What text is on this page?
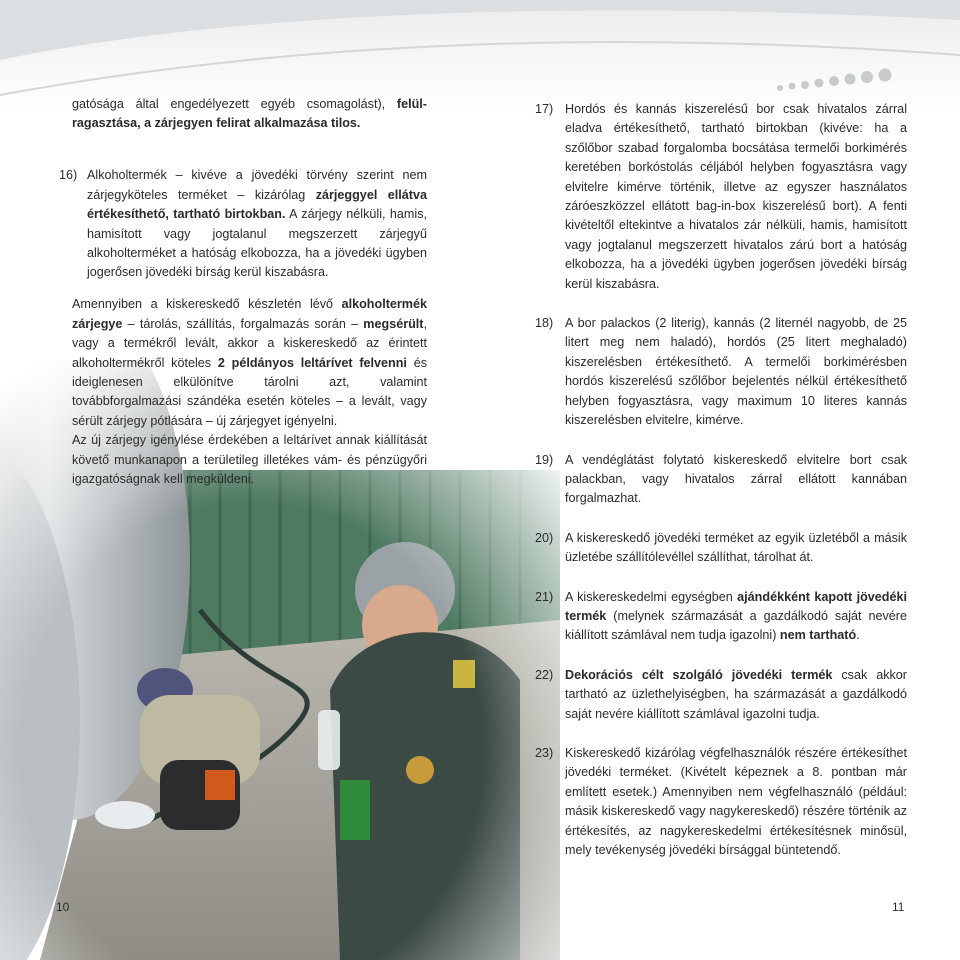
gatósága által engedélyezett egyéb csomagolást), felülragasztása, a zárjegyen felirat alkalmazása tilos.

16) Alkoholtermék – kivéve a jövedéki törvény szerint nem zárjegyköteles terméket – kizárólag zárjeggyel ellátva értékesíthető, tartható birtokban. A zárjegy nélküli, hamis, hamisított vagy jogtalanul megszerzett zárjegyű alkoholterméket a hatóság elkobozza, ha a jövedéki ügyben jogerősen jövedéki bírság kerül kiszabásra.

Amennyiben a kiskereskedő készletén lévő alkoholtermék zárjegye – tárolás, szállítás, forgalmazás során – megsérült, vagy a termékről levált, akkor a kiskereskedő az érintett alkoholtermékről köteles 2 példányos leltárívet felvenni és ideiglenesen elkülönítve tárolni azt, valamint továbbforgalmazási szándéka esetén köteles – a levált, vagy sérült zárjegy pótlására – új zárjegyet igényelni.

Az új zárjegy igénylése érdekében a leltárívet annak kiállítását követő munkanapon a területileg illetékes vám- és pénzügyőri igazgatóságnak kell megküldeni.

17) Hordós és kannás kiszerelésű bor csak hivatalos zárral eladva értékesíthető, tartható birtokban (kivéve: ha a szőlőbor szabad forgalomba bocsátása termelői borkimérés keretében borkóstolás céljából helyben fogyasztásra vagy elvitelre kimérve történik, illetve az egyszer használatos záróeszközzel ellátott bag-in-box kiszerelésű bort). A fenti kivételtől eltekintve a hivatalos zár nélküli, hamis, hamisított vagy jogtalanul megszerzett hivatalos zárú bort a hatóság elkobozza, ha a jövedéki ügyben jogerősen jövedéki bírság kerül kiszabásra.

18) A bor palackos (2 literig), kannás (2 liternél nagyobb, de 25 litert meg nem haladó), hordós (25 litert meghaladó) kiszerelésben értékesíthető. A termelői borkimérésben hordós kiszerelésű szőlőbor bejelentés nélkül értékesíthető helyben fogyasztásra, vagy maximum 10 literes kannás kiszerelésben elvitelre, kimérve.

19) A vendéglátást folytató kiskereskedő elvitelre bort csak palackban, vagy hivatalos zárral ellátott kannában forgalmazhat.

20) A kiskereskedő jövedéki terméket az egyik üzletéből a másik üzletébe szállítólevéllel szállíthat, tárolhat át.

21) A kiskereskedelmi egységben ajándékként kapott jövedéki termék (melynek származását a gazdálkodó saját nevére kiállított számlával nem tudja igazolni) nem tartható.

22) Dekorációs célt szolgáló jövedéki termék csak akkor tartható az üzlethelyiségben, ha származását a gazdálkodó saját nevére kiállított számlával igazolni tudja.

23) Kiskereskedő kizárólag végfelhasználók részére értékesíthet jövedéki terméket. (Kivételt képeznek a 8. pontban már említett esetek.) Amennyiben nem végfelhasználó (például: másik kiskereskedő vagy nagykereskedő) részére történik az értékesítés, az nagykereskedelmi értékesítésnek minősül, mely tevékenység jövedéki bírsággal büntetendő.

10	11
